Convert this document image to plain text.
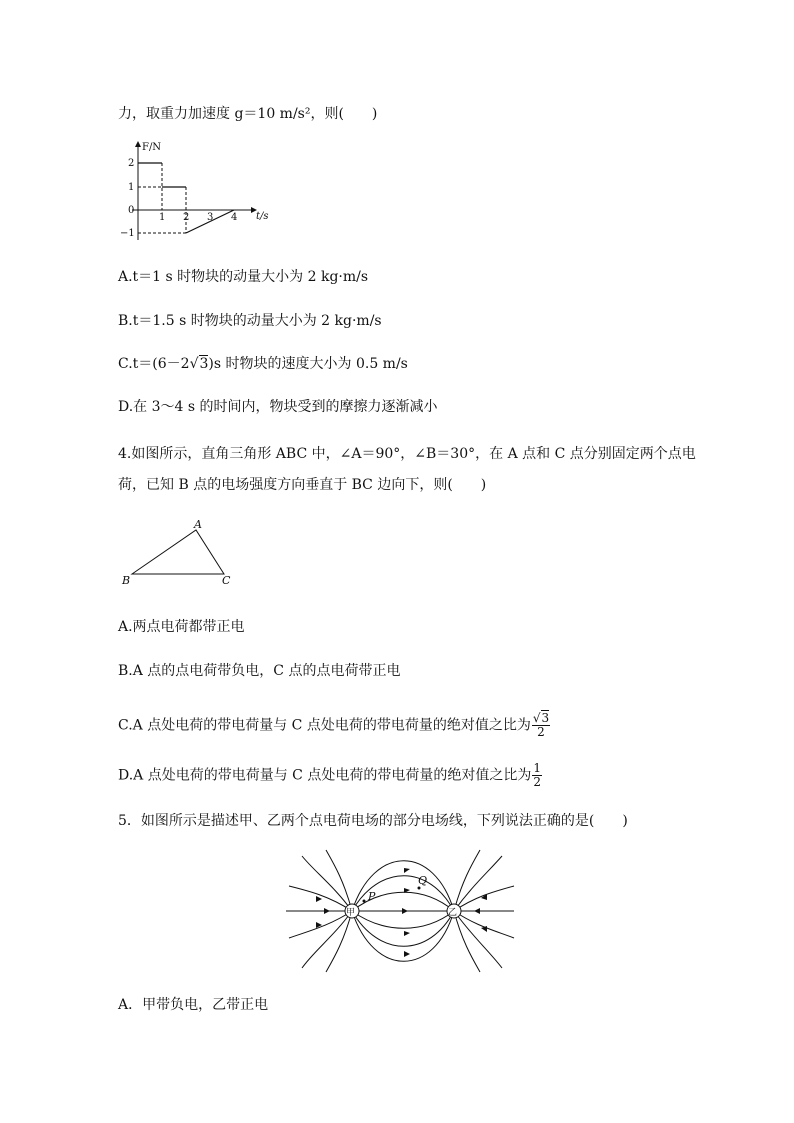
力，取重力加速度 g＝10 m/s²，则(　　)
F/N
2
1
0
−1
1 2 3 4 t/s
A.t＝1 s 时物块的动量大小为 2 kg·m/s
B.t＝1.5 s 时物块的动量大小为 2 kg·m/s
C.t＝(6－2√3)s 时物块的速度大小为 0.5 m/s
D.在 3～4 s 的时间内，物块受到的摩擦力逐渐减小
4.如图所示，直角三角形 ABC 中，∠A＝90°，∠B＝30°，在 A 点和 C 点分别固定两个点电
荷，已知 B 点的电场强度方向垂直于 BC 边向下，则(　　)
A
B	C
A.两点电荷都带正电
B.A 点的点电荷带负电，C 点的点电荷带正电
C.A 点处电荷的带电荷量与 C 点处电荷的带电荷量的绝对值之比为 $\frac{√3}{2}$
D.A 点处电荷的带电荷量与 C 点处电荷的带电荷量的绝对值之比为 $\frac{1}{2}$
5．如图所示是描述甲、乙两个点电荷电场的部分电场线，下列说法正确的是(　　)
甲	乙
P
Q
A．甲带负电，乙带正电
